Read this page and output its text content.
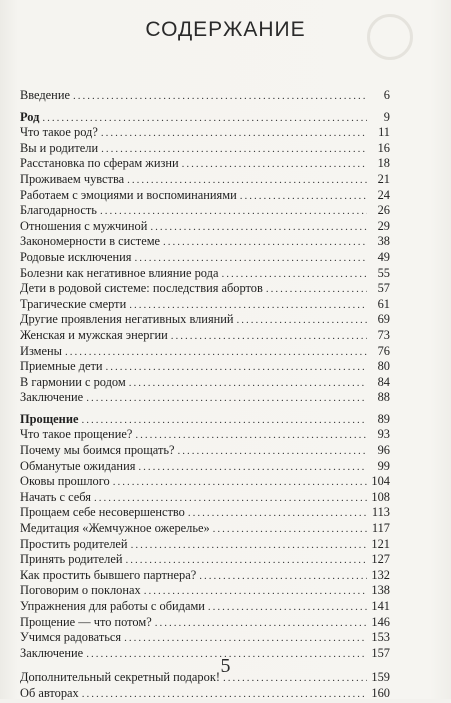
СОДЕРЖАНИЕ
Введение .....	6
Род .....	9
Что такое род? .....	11
Вы и родители .....	16
Расстановка по сферам жизни .....	18
Проживаем чувства .....	21
Работаем с эмоциями и воспоминаниями .....	24
Благодарность .....	26
Отношения с мужчиной .....	29
Закономерности в системе .....	38
Родовые исключения .....	49
Болезни как негативное влияние рода .....	55
Дети в родовой системе: последствия абортов .....	57
Трагические смерти .....	61
Другие проявления негативных влияний .....	69
Женская и мужская энергии .....	73
Измены .....	76
Приемные дети .....	80
В гармонии с родом .....	84
Заключение .....	88
Прощение .....	89
Что такое прощение? .....	93
Почему мы боимся прощать? .....	96
Обманутые ожидания .....	99
Оковы прошлого .....	104
Начать с себя .....	108
Прощаем себе несовершенство .....	113
Медитация «Жемчужное ожерелье» .....	117
Простить родителей .....	121
Принять родителей .....	127
Как простить бывшего партнера? .....	132
Поговорим о поклонах .....	138
Упражнения для работы с обидами .....	141
Прощение — что потом? .....	146
Учимся радоваться .....	153
Заключение .....	157
Дополнительный секретный подарок! .....	159
Об авторах .....	160
5
